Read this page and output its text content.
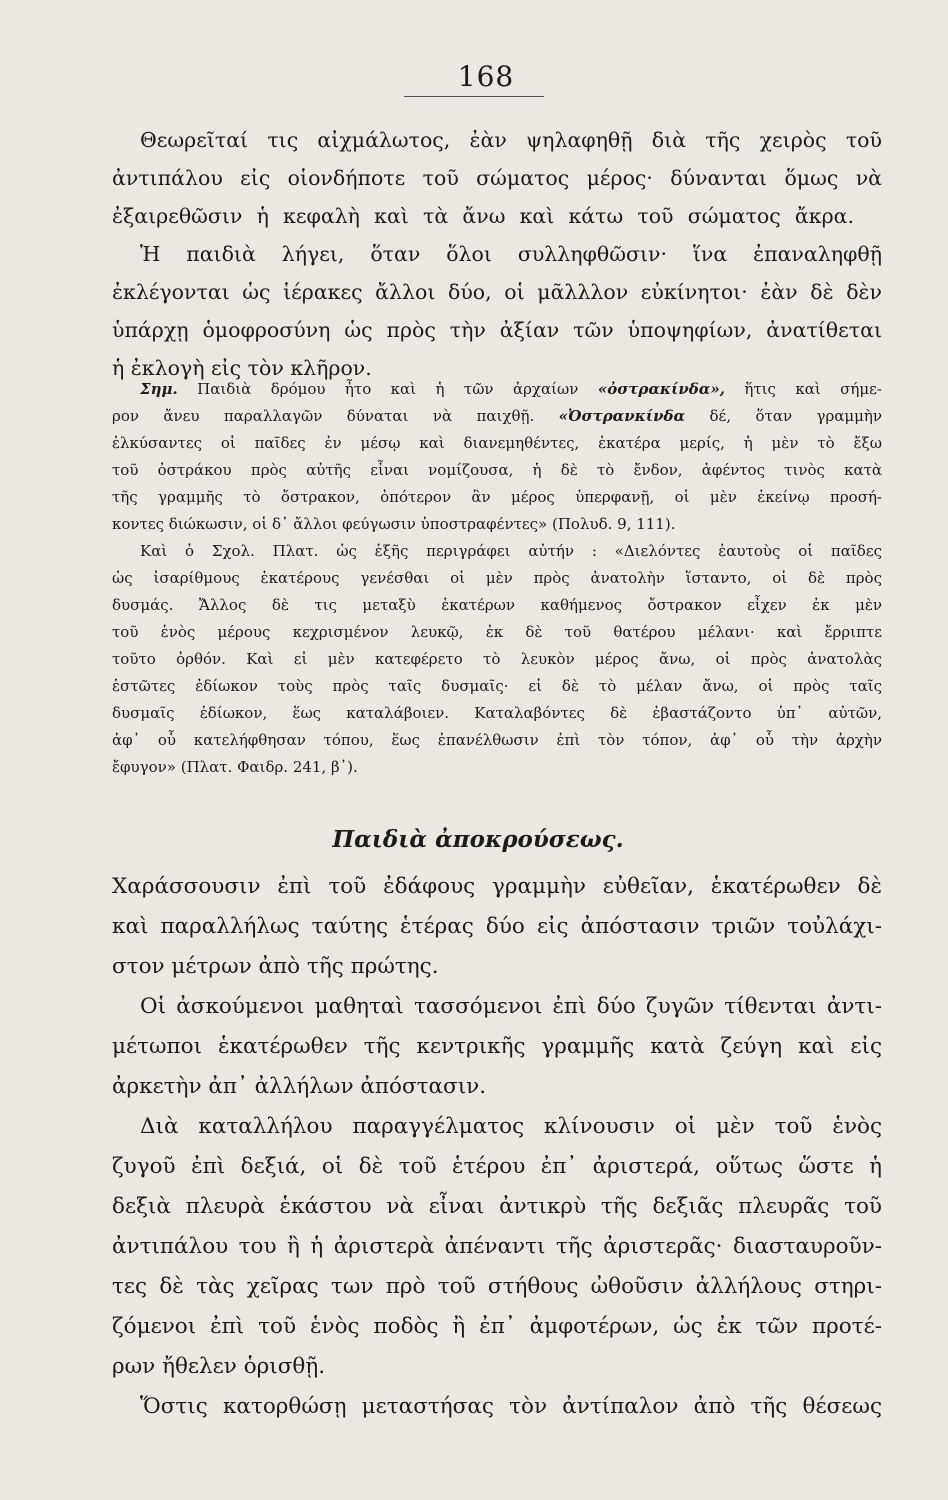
168
Θεωρεῖταί τις αἰχμάλωτος, ἐὰν ψηλαφηθῇ διὰ τῆς χειρὸς τοῦ
ἀντιπάλου εἰς οἱονδήποτε τοῦ σώματος μέρος· δύνανται ὅμως νὰ
ἐξαιρεθῶσιν ἡ κεφαλὴ καὶ τὰ ἄνω καὶ κάτω τοῦ σώματος ἄκρα.
Ἡ παιδιὰ λήγει, ὅταν ὅλοι συλληφθῶσιν· ἵνα ἐπαναληφθῇ
ἐκλέγονται ὡς ἱέρακες ἄλλοι δύο, οἱ μᾶλλλον εὐκίνητοι· ἐὰν δὲ δὲν
ὑπάρχῃ ὁμοφροσύνη ὡς πρὸς τὴν ἀξίαν τῶν ὑποψηφίων, ἀνατίθεται
ἡ ἐκλογὴ εἰς τὸν κλῆρον.
Σημ. Παιδιὰ δρόμου ἦτο καὶ ἡ τῶν ἀρχαίων «ὀστρακίνδα», ἥτις καὶ σήμε-
ρον ἄνευ παραλλαγῶν δύναται νὰ παιχθῇ. «Ὀστρανκίνδα δέ, ὅταν γραμμὴν
ἑλκύσαντες οἱ παῖδες ἐν μέσῳ καὶ διανεμηθέντες, ἑκατέρα μερίς, ἡ μὲν τὸ ἔξω
τοῦ ὀστράκου πρὸς αὐτῆς εἶναι νομίζουσα, ἡ δὲ τὸ ἔνδον, ἀφέντος τινὸς κατὰ
τῆς γραμμῆς τὸ ὄστρακον, ὁπότερον ἂν μέρος ὑπερφανῇ, οἱ μὲν ἐκείνῳ προσή-
κοντες διώκωσιν, οἱ δ᾽ ἄλλοι φεύγωσιν ὑποστραφέντες» (Πολυδ. 9, 111).
Καὶ ὁ Σχολ. Πλατ. ὡς ἑξῆς περιγράφει αὐτήν : «Διελόντες ἑαυτοὺς οἱ παῖδες
ὡς ἰσαρίθμους ἑκατέρους γενέσθαι οἱ μὲν πρὸς ἀνατολὴν ἵσταντο, οἱ δὲ πρὸς
δυσμάς. Ἄλλος δὲ τις μεταξὺ ἑκατέρων καθήμενος ὄστρακον εἶχεν ἐκ μὲν
τοῦ ἑνὸς μέρους κεχρισμένον λευκῷ, ἐκ δὲ τοῦ θατέρου μέλανι· καὶ ἔρριπτε
τοῦτο ὀρθόν. Καὶ εἰ μὲν κατεφέρετο τὸ λευκὸν μέρος ἄνω, οἱ πρὸς ἀνατολὰς
ἑστῶτες ἐδίωκον τοὺς πρὸς ταῖς δυσμαῖς· εἰ δὲ τὸ μέλαν ἄνω, οἱ πρὸς ταῖς
δυσμαῖς ἐδίωκον, ἕως καταλάβοιεν. Καταλαβόντες δὲ ἐβαστάζοντο ὑπ᾽ αὐτῶν,
ἀφ᾽ οὗ κατελήφθησαν τόπου, ἕως ἐπανέλθωσιν ἐπὶ τὸν τόπον, ἀφ᾽ οὗ τὴν ἀρχὴν
ἔφυγον» (Πλατ. Φαιδρ. 241, β᾽).
Παιδιὰ ἀποκρούσεως.
Χαράσσουσιν ἐπὶ τοῦ ἐδάφους γραμμὴν εὐθεῖαν, ἑκατέρωθεν δὲ
καὶ παραλλήλως ταύτης ἑτέρας δύο εἰς ἀπόστασιν τριῶν τοὐλάχι-
στον μέτρων ἀπὸ τῆς πρώτης.
Οἱ ἀσκούμενοι μαθηταὶ τασσόμενοι ἐπὶ δύο ζυγῶν τίθενται ἀντι-
μέτωποι ἑκατέρωθεν τῆς κεντρικῆς γραμμῆς κατὰ ζεύγη καὶ εἰς
ἀρκετὴν ἀπ᾽ ἀλλήλων ἀπόστασιν.
Διὰ καταλλήλου παραγγέλματος κλίνουσιν οἱ μὲν τοῦ ἑνὸς
ζυγοῦ ἐπὶ δεξιά, οἱ δὲ τοῦ ἑτέρου ἐπ᾽ ἀριστερά, οὕτως ὥστε ἡ
δεξιὰ πλευρὰ ἑκάστου νὰ εἶναι ἀντικρὺ τῆς δεξιᾶς πλευρᾶς τοῦ
ἀντιπάλου του ἢ ἡ ἀριστερὰ ἀπέναντι τῆς ἀριστερᾶς· διασταυροῦν-
τες δὲ τὰς χεῖρας των πρὸ τοῦ στήθους ὠθοῦσιν ἀλλήλους στηρι-
ζόμενοι ἐπὶ τοῦ ἑνὸς ποδὸς ἢ ἐπ᾽ ἀμφοτέρων, ὡς ἐκ τῶν προτέ-
ρων ἤθελεν ὁρισθῇ.
Ὅστις κατορθώσῃ μεταστήσας τὸν ἀντίπαλον ἀπὸ τῆς θέσεως
